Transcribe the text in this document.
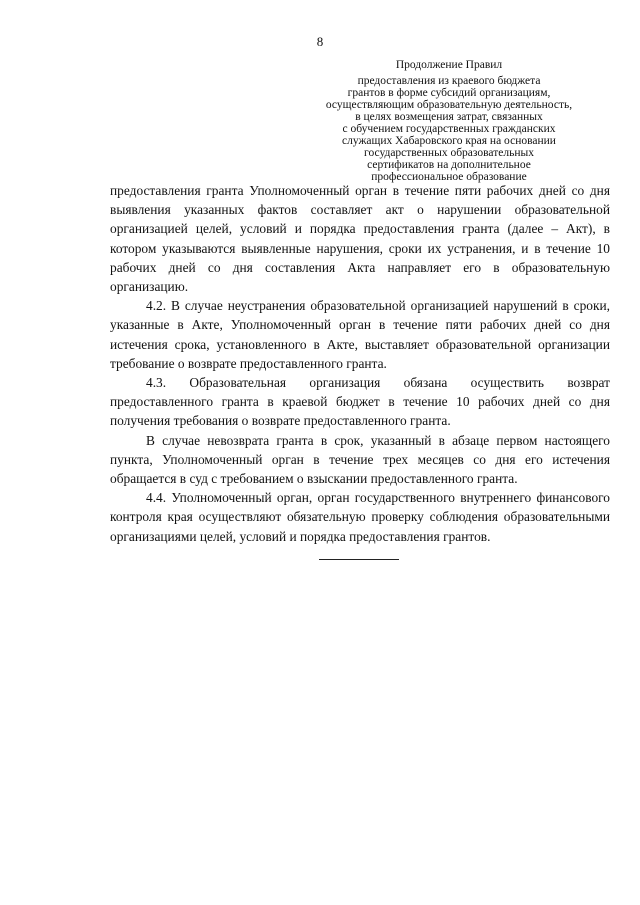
8
Продолжение Правил
предоставления из краевого бюджета
грантов в форме субсидий организациям,
осуществляющим образовательную деятельность,
в целях возмещения затрат, связанных
с обучением государственных гражданских
служащих Хабаровского края на основании
государственных образовательных
сертификатов на дополнительное
профессиональное образование

предоставления гранта Уполномоченный орган в течение пяти рабочих дней со дня выявления указанных фактов составляет акт о нарушении образовательной организацией целей, условий и порядка предоставления гранта (далее – Акт), в котором указываются выявленные нарушения, сроки их устранения, и в течение 10 рабочих дней со дня составления Акта направляет его в образовательную организацию.

4.2. В случае неустранения образовательной организацией нарушений в сроки, указанные в Акте, Уполномоченный орган в течение пяти рабочих дней со дня истечения срока, установленного в Акте, выставляет образовательной организации требование о возврате предоставленного гранта.

4.3. Образовательная организация обязана осуществить возврат предоставленного гранта в краевой бюджет в течение 10 рабочих дней со дня получения требования о возврате предоставленного гранта.

В случае невозврата гранта в срок, указанный в абзаце первом настоящего пункта, Уполномоченный орган в течение трех месяцев со дня его истечения обращается в суд с требованием о взыскании предоставленного гранта.

4.4. Уполномоченный орган, орган государственного внутреннего финансового контроля края осуществляют обязательную проверку соблюдения образовательными организациями целей, условий и порядка предоставления грантов.
